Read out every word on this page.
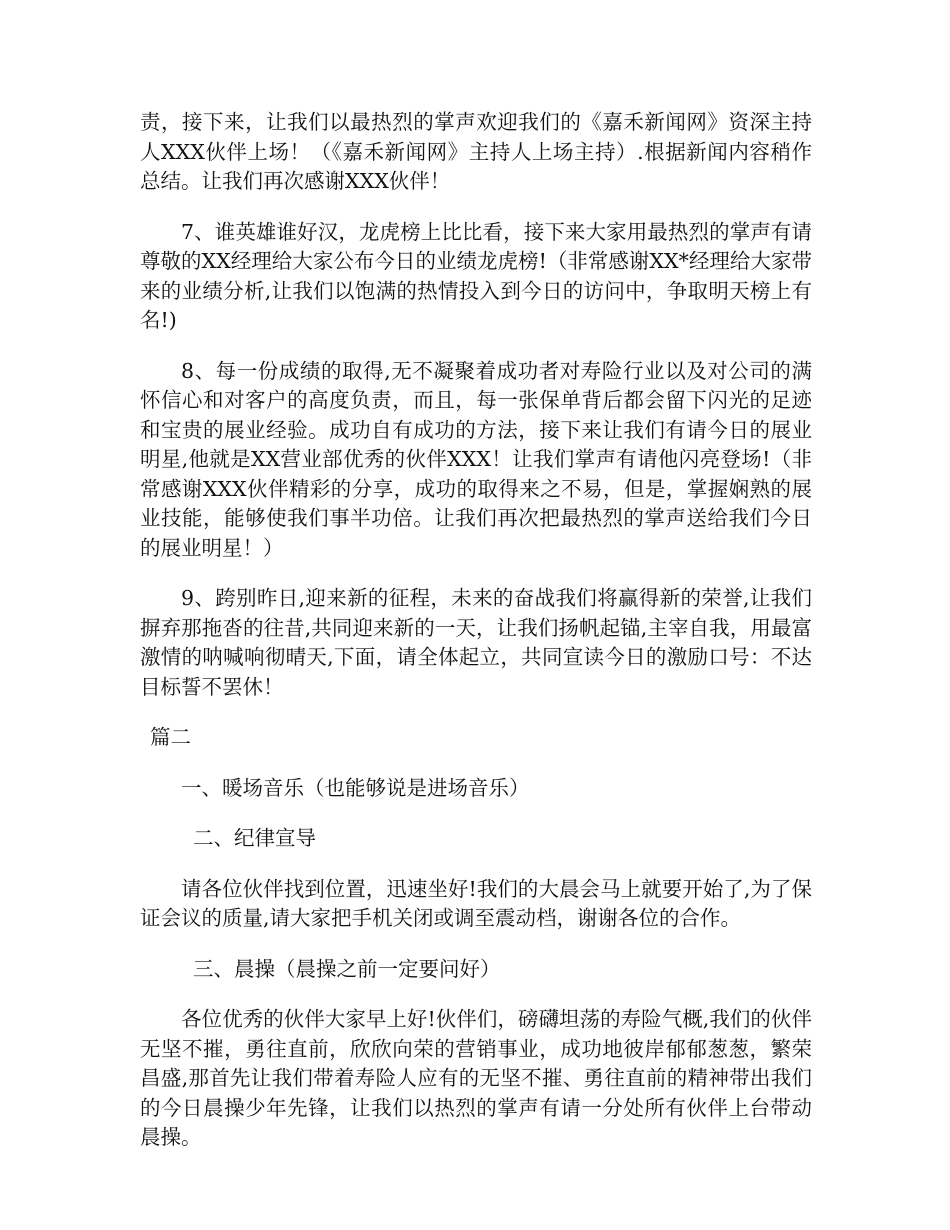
责，接下来，让我们以最热烈的掌声欢迎我们的《嘉禾新闻网》资深主持人XXX伙伴上场！（《嘉禾新闻网》主持人上场主持）.根据新闻内容稍作总结。让我们再次感谢XXX伙伴！

7、谁英雄谁好汉，龙虎榜上比比看，接下来大家用最热烈的掌声有请尊敬的XX经理给大家公布今日的业绩龙虎榜!（非常感谢XX*经理给大家带来的业绩分析,让我们以饱满的热情投入到今日的访问中，争取明天榜上有名!)

8、每一份成绩的取得,无不凝聚着成功者对寿险行业以及对公司的满怀信心和对客户的高度负责，而且，每一张保单背后都会留下闪光的足迹和宝贵的展业经验。成功自有成功的方法，接下来让我们有请今日的展业明星,他就是XX营业部优秀的伙伴XXX！让我们掌声有请他闪亮登场!（非常感谢XXX伙伴精彩的分享，成功的取得来之不易，但是，掌握娴熟的展业技能，能够使我们事半功倍。让我们再次把最热烈的掌声送给我们今日的展业明星！）

9、跨别昨日,迎来新的征程，未来的奋战我们将赢得新的荣誉,让我们摒弃那拖沓的往昔,共同迎来新的一天，让我们扬帆起锚,主宰自我，用最富激情的呐喊响彻晴天,下面，请全体起立，共同宣读今日的激励口号：不达目标誓不罢休！

篇二
一、暖场音乐（也能够说是进场音乐）
二、纪律宣导

请各位伙伴找到位置，迅速坐好!我们的大晨会马上就要开始了,为了保证会议的质量,请大家把手机关闭或调至震动档，谢谢各位的合作。

三、晨操（晨操之前一定要问好）

各位优秀的伙伴大家早上好!伙伴们，磅礴坦荡的寿险气概,我们的伙伴无坚不摧，勇往直前，欣欣向荣的营销事业，成功地彼岸郁郁葱葱，繁荣昌盛,那首先让我们带着寿险人应有的无坚不摧、勇往直前的精神带出我们的今日晨操少年先锋，让我们以热烈的掌声有请一分处所有伙伴上台带动晨操。
